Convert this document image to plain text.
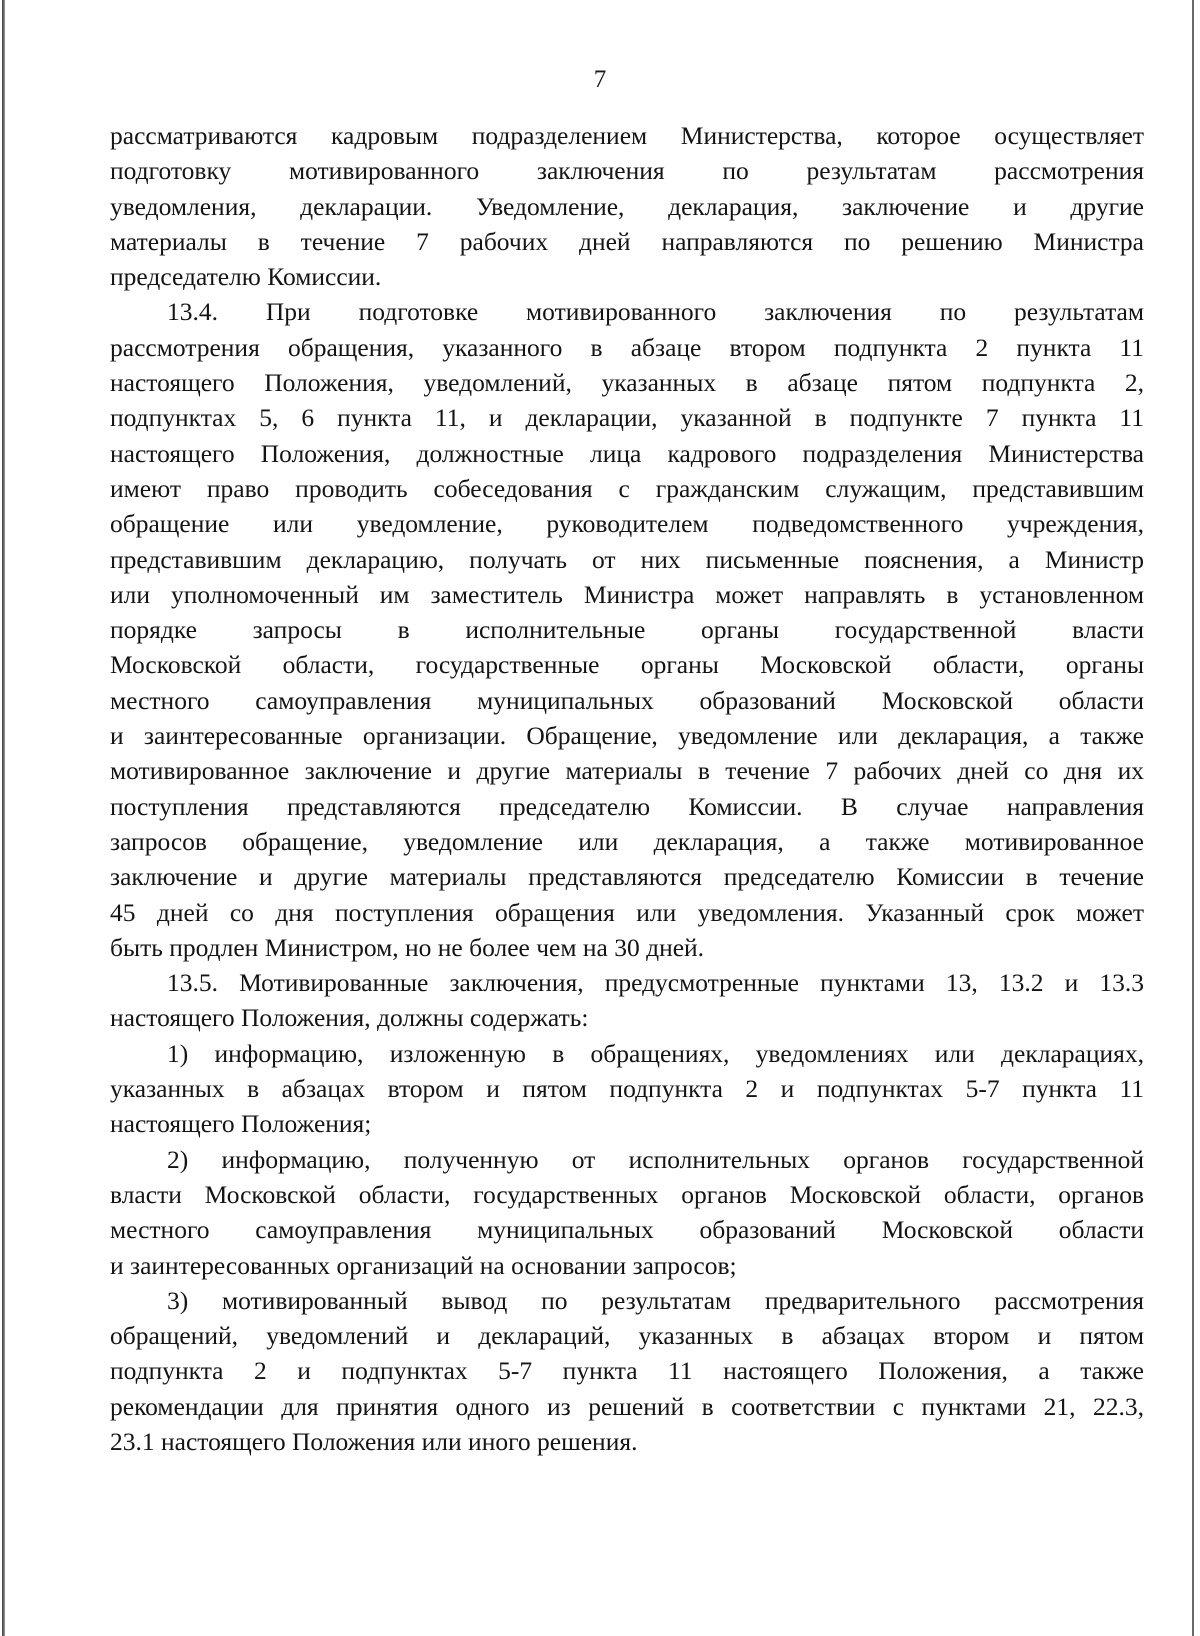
7
рассматриваются кадровым подразделением Министерства, которое осуществляет
подготовку мотивированного заключения по результатам рассмотрения
уведомления, декларации. Уведомление, декларация, заключение и другие
материалы в течение 7 рабочих дней направляются по решению Министра
председателю Комиссии.
13.4. При подготовке мотивированного заключения по результатам
рассмотрения обращения, указанного в абзаце втором подпункта 2 пункта 11
настоящего Положения, уведомлений, указанных в абзаце пятом подпункта 2,
подпунктах 5, 6 пункта 11, и декларации, указанной в подпункте 7 пункта 11
настоящего Положения, должностные лица кадрового подразделения Министерства
имеют право проводить собеседования с гражданским служащим, представившим
обращение или уведомление, руководителем подведомственного учреждения,
представившим декларацию, получать от них письменные пояснения, а Министр
или уполномоченный им заместитель Министра может направлять в установленном
порядке запросы в исполнительные органы государственной власти
Московской области, государственные органы Московской области, органы
местного самоуправления муниципальных образований Московской области
и заинтересованные организации. Обращение, уведомление или декларация, а также
мотивированное заключение и другие материалы в течение 7 рабочих дней со дня их
поступления представляются председателю Комиссии. В случае направления
запросов обращение, уведомление или декларация, а также мотивированное
заключение и другие материалы представляются председателю Комиссии в течение
45 дней со дня поступления обращения или уведомления. Указанный срок может
быть продлен Министром, но не более чем на 30 дней.
13.5. Мотивированные заключения, предусмотренные пунктами 13, 13.2 и 13.3
настоящего Положения, должны содержать:
1) информацию, изложенную в обращениях, уведомлениях или декларациях,
указанных в абзацах втором и пятом подпункта 2 и подпунктах 5-7 пункта 11
настоящего Положения;
2) информацию, полученную от исполнительных органов государственной
власти Московской области, государственных органов Московской области, органов
местного самоуправления муниципальных образований Московской области
и заинтересованных организаций на основании запросов;
3) мотивированный вывод по результатам предварительного рассмотрения
обращений, уведомлений и деклараций, указанных в абзацах втором и пятом
подпункта 2 и подпунктах 5-7 пункта 11 настоящего Положения, а также
рекомендации для принятия одного из решений в соответствии с пунктами 21, 22.3,
23.1 настоящего Положения или иного решения.
